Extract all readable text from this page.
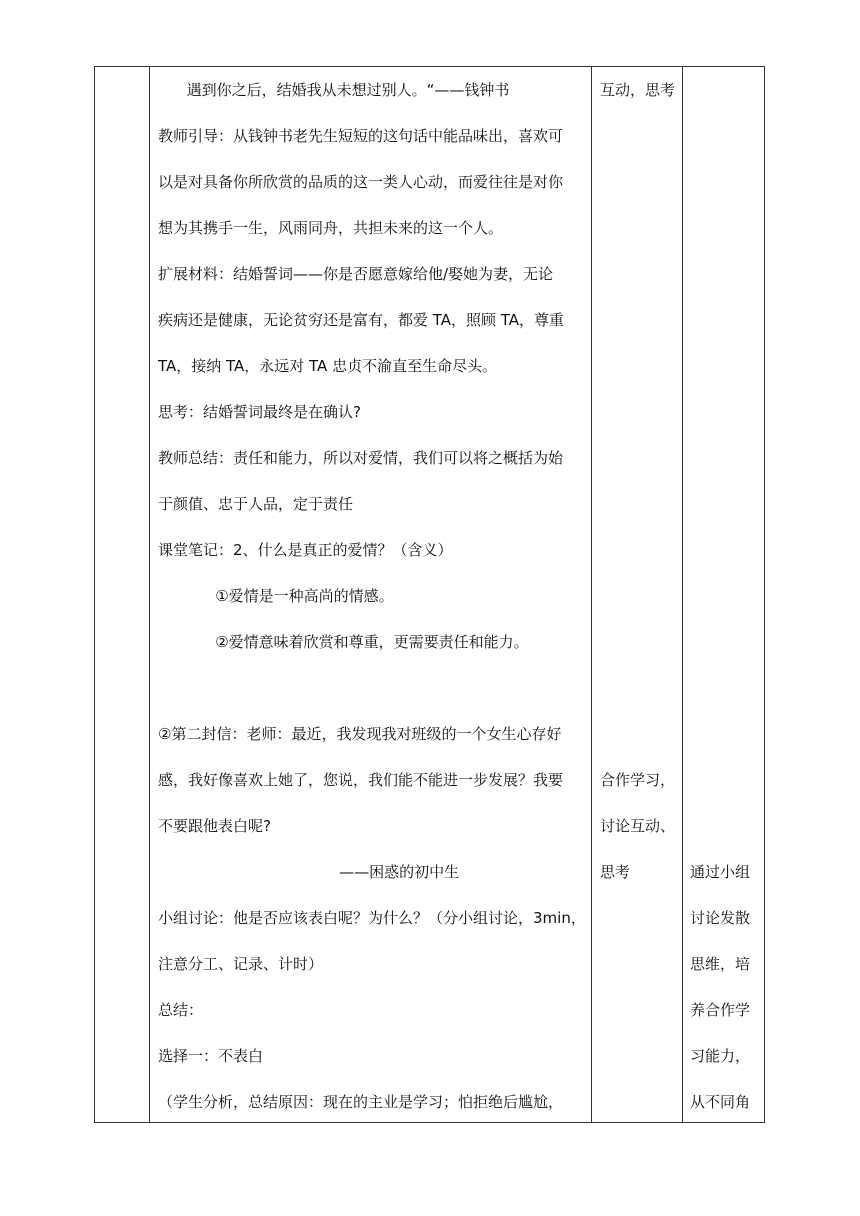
遇到你之后，结婚我从未想过别人。“——钱钟书
教师引导：从钱钟书老先生短短的这句话中能品味出，喜欢可
以是对具备你所欣赏的品质的这一类人心动，而爱往往是对你
想为其携手一生，风雨同舟，共担未来的这一个人。
扩展材料：结婚誓词——你是否愿意嫁给他/娶她为妻，无论
疾病还是健康，无论贫穷还是富有，都爱 TA，照顾 TA，尊重
TA，接纳 TA，永远对 TA 忠贞不渝直至生命尽头。
思考：结婚誓词最终是在确认?
教师总结：责任和能力，所以对爱情，我们可以将之概括为始
于颜值、忠于人品，定于责任
课堂笔记：2、什么是真正的爱情？（含义）
①爱情是一种高尚的情感。
②爱情意味着欣赏和尊重，更需要责任和能力。
②第二封信：老师：最近，我发现我对班级的一个女生心存好
感，我好像喜欢上她了，您说，我们能不能进一步发展？我要
不要跟他表白呢?
——困惑的初中生
小组讨论：他是否应该表白呢？为什么？（分小组讨论，3min，
注意分工、记录、计时）
总结：
选择一：不表白
（学生分析，总结原因：现在的主业是学习；怕拒绝后尴尬，
互动，思考
合作学习，
讨论互动、
思考	通过小组
讨论发散
思维，培
养合作学
习能力，
从不同角
